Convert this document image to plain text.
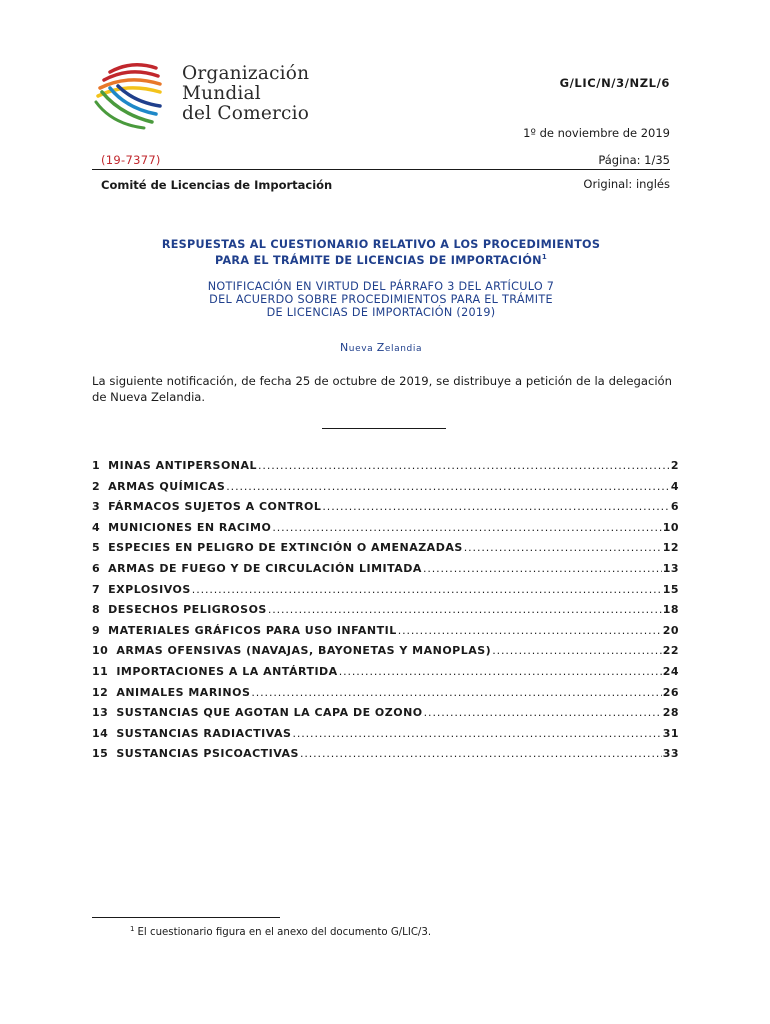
Organización
Mundial
del Comercio
G/LIC/N/3/NZL/6
1º de noviembre de 2019
(19-7377)	Página: 1/35
Comité de Licencias de Importación	Original: inglés
RESPUESTAS AL CUESTIONARIO RELATIVO A LOS PROCEDIMIENTOS
PARA EL TRÁMITE DE LICENCIAS DE IMPORTACIÓN$^1$
NOTIFICACIÓN EN VIRTUD DEL PÁRRAFO 3 DEL ARTÍCULO 7
DEL ACUERDO SOBRE PROCEDIMIENTOS PARA EL TRÁMITE
DE LICENCIAS DE IMPORTACIÓN (2019)
Nueva Zelandia
La siguiente notificación, de fecha 25 de octubre de 2019, se distribuye a petición de la delegación de Nueva Zelandia.
1 MINAS ANTIPERSONAL . . .	2
2 ARMAS QUÍMICAS . . .	4
3 FÁRMACOS SUJETOS A CONTROL . . .	6
4 MUNICIONES EN RACIMO . . .	10
5 ESPECIES EN PELIGRO DE EXTINCIÓN O AMENAZADAS . . .	12
6 ARMAS DE FUEGO Y DE CIRCULACIÓN LIMITADA . . .	13
7 EXPLOSIVOS . . .	15
8 DESECHOS PELIGROSOS . . .	18
9 MATERIALES GRÁFICOS PARA USO INFANTIL . . .	20
10 ARMAS OFENSIVAS (NAVAJAS, BAYONETAS Y MANOPLAS) . . .	22
11 IMPORTACIONES A LA ANTÁRTIDA . . .	24
12 ANIMALES MARINOS . . .	26
13 SUSTANCIAS QUE AGOTAN LA CAPA DE OZONO . . .	28
14 SUSTANCIAS RADIACTIVAS . . .	31
15 SUSTANCIAS PSICOACTIVAS . . .	33
$^1$ El cuestionario figura en el anexo del documento G/LIC/3.
